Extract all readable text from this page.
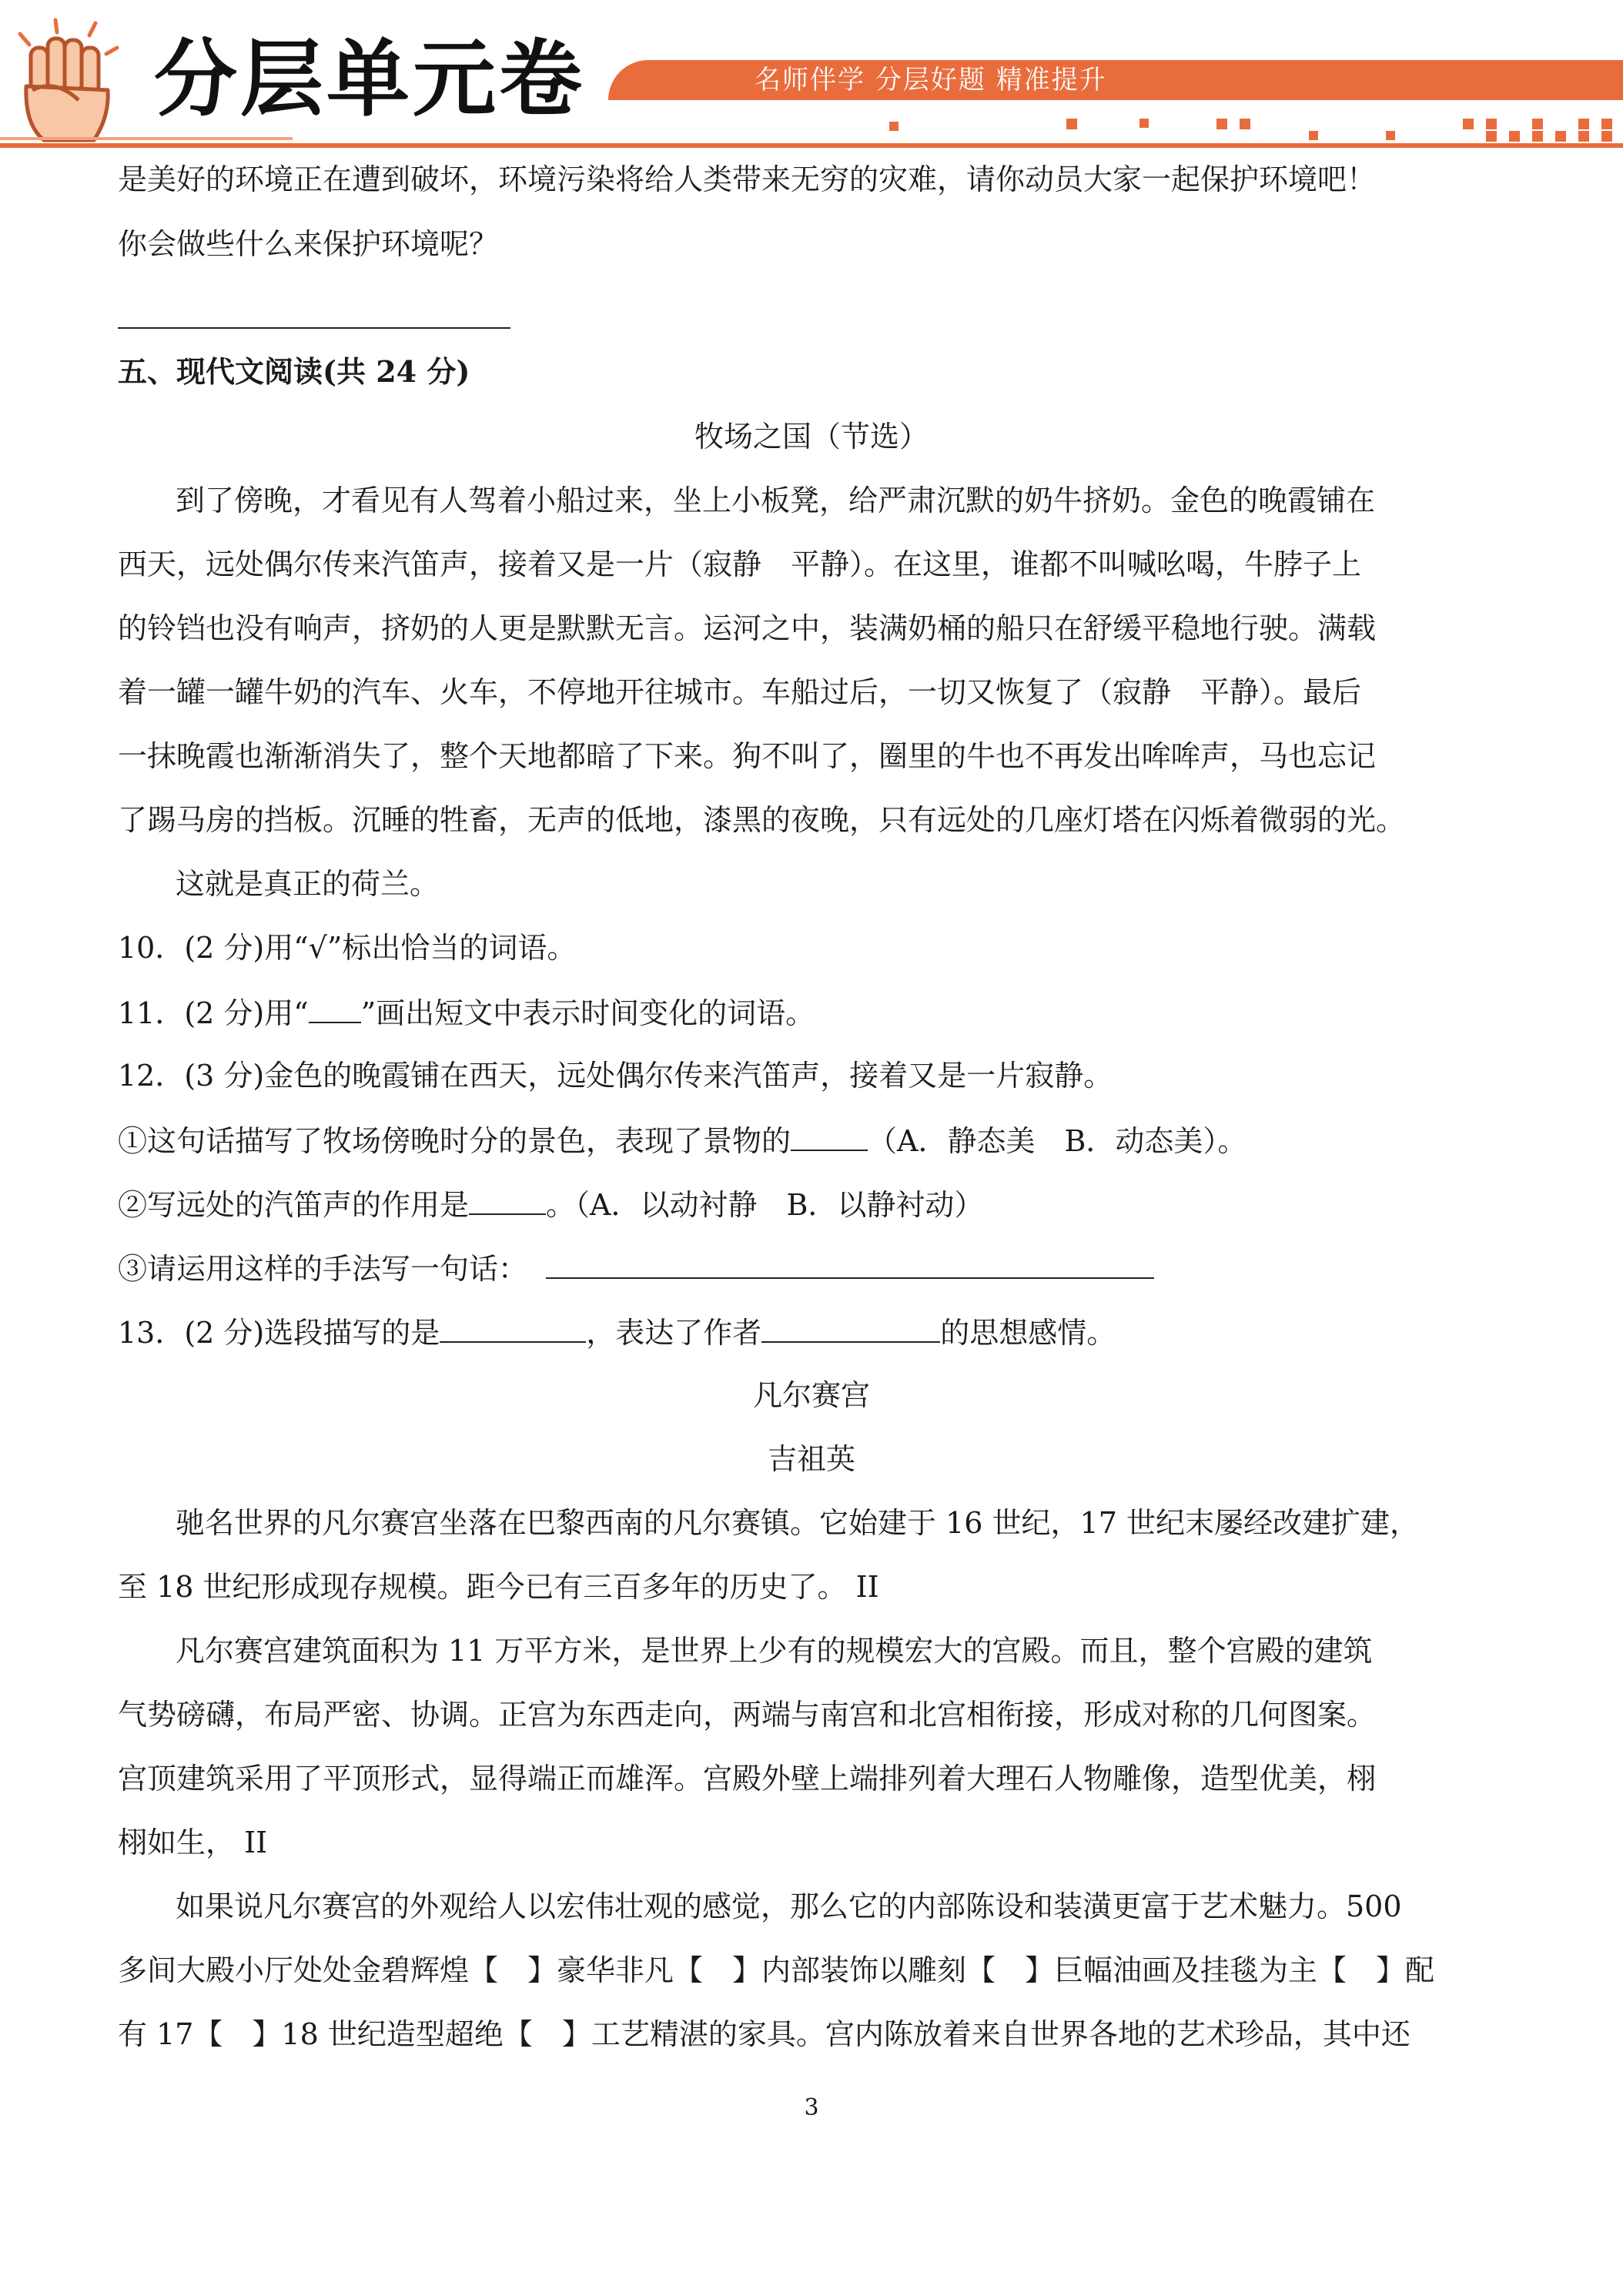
分层单元卷	名师伴学 分层好题 精准提升
是美好的环境正在遭到破坏，环境污染将给人类带来无穷的灾难，请你动员大家一起保护环境吧！
你会做些什么来保护环境呢？
五、现代文阅读(共 24 分)
牧场之国（节选）
到了傍晚，才看见有人驾着小船过来，坐上小板凳，给严肃沉默的奶牛挤奶。金色的晚霞铺在
西天，远处偶尔传来汽笛声，接着又是一片（寂静　平静）。在这里，谁都不叫喊吆喝，牛脖子上
的铃铛也没有响声，挤奶的人更是默默无言。运河之中，装满奶桶的船只在舒缓平稳地行驶。满载
着一罐一罐牛奶的汽车、火车，不停地开往城市。车船过后，一切又恢复了（寂静　平静）。最后
一抹晚霞也渐渐消失了，整个天地都暗了下来。狗不叫了，圈里的牛也不再发出哞哞声，马也忘记
了踢马房的挡板。沉睡的牲畜，无声的低地，漆黑的夜晚，只有远处的几座灯塔在闪烁着微弱的光。
这就是真正的荷兰。
10．(2 分)用“√”标出恰当的词语。
11．(2 分)用“ ”画出短文中表示时间变化的词语。
12．(3 分)金色的晚霞铺在西天，远处偶尔传来汽笛声，接着又是一片寂静。
①这句话描写了牧场傍晚时分的景色，表现了景物的	（A．静态美　B．动态美）。
②写远处的汽笛声的作用是	。（A．以动衬静　B．以静衬动）
③请运用这样的手法写一句话：
13．(2 分)选段描写的是	，表达了作者	的思想感情。
凡尔赛宫
吉祖英
驰名世界的凡尔赛宫坐落在巴黎西南的凡尔赛镇。它始建于 16 世纪，17 世纪末屡经改建扩建，
至 18 世纪形成现存规模。距今已有三百多年的历史了。 II
凡尔赛宫建筑面积为 11 万平方米，是世界上少有的规模宏大的宫殿。而且，整个宫殿的建筑
气势磅礴，布局严密、协调。正宫为东西走向，两端与南宫和北宫相衔接，形成对称的几何图案。
宫顶建筑采用了平顶形式，显得端正而雄浑。宫殿外壁上端排列着大理石人物雕像，造型优美，栩
栩如生， II
如果说凡尔赛宫的外观给人以宏伟壮观的感觉，那么它的内部陈设和装潢更富于艺术魅力。500
多间大殿小厅处处金碧辉煌【　】豪华非凡【　】内部装饰以雕刻【　】巨幅油画及挂毯为主【　】配
有 17【　】18 世纪造型超绝【　】工艺精湛的家具。宫内陈放着来自世界各地的艺术珍品，其中还
3
